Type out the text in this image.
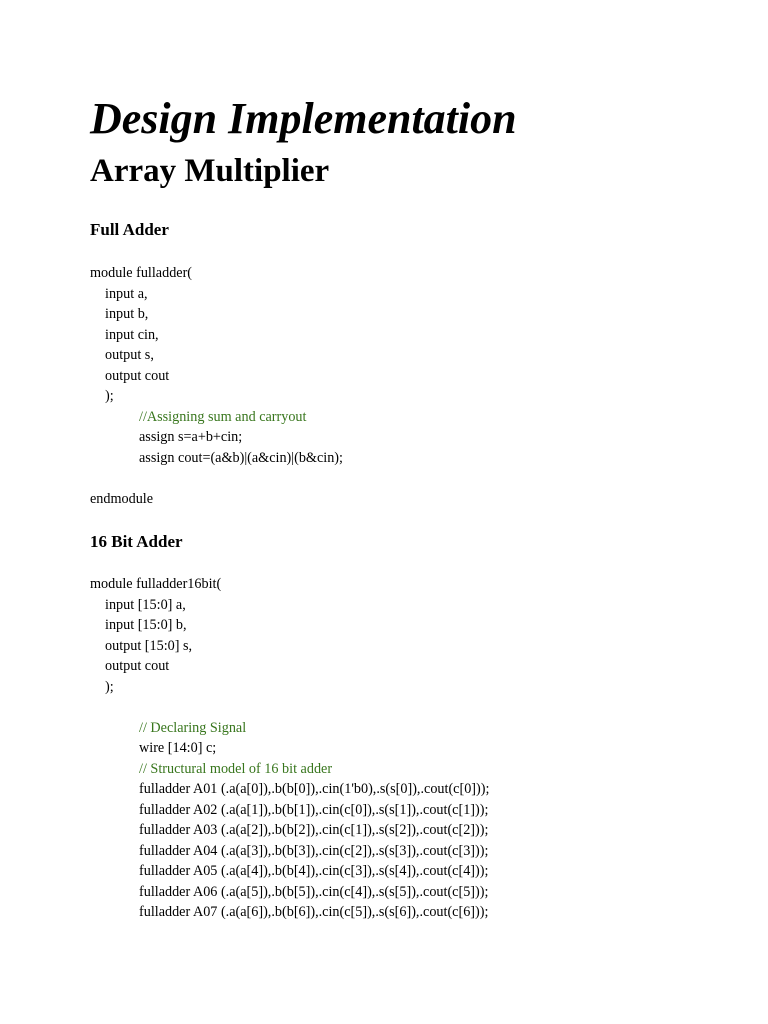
Design Implementation
Array Multiplier
Full Adder
module fulladder(
input a,
input b,
input cin,
output s,
output cout
);
//Assigning sum and carryout
assign s=a+b+cin;
assign cout=(a&b)|(a&cin)|(b&cin);
endmodule
16 Bit Adder
module fulladder16bit(
input [15:0] a,
input [15:0] b,
output [15:0] s,
output cout
);
// Declaring Signal
wire [14:0] c;
// Structural model of 16 bit adder
fulladder A01 (.a(a[0]),.b(b[0]),.cin(1'b0),.s(s[0]),.cout(c[0]));
fulladder A02 (.a(a[1]),.b(b[1]),.cin(c[0]),.s(s[1]),.cout(c[1]));
fulladder A03 (.a(a[2]),.b(b[2]),.cin(c[1]),.s(s[2]),.cout(c[2]));
fulladder A04 (.a(a[3]),.b(b[3]),.cin(c[2]),.s(s[3]),.cout(c[3]));
fulladder A05 (.a(a[4]),.b(b[4]),.cin(c[3]),.s(s[4]),.cout(c[4]));
fulladder A06 (.a(a[5]),.b(b[5]),.cin(c[4]),.s(s[5]),.cout(c[5]));
fulladder A07 (.a(a[6]),.b(b[6]),.cin(c[5]),.s(s[6]),.cout(c[6]));
